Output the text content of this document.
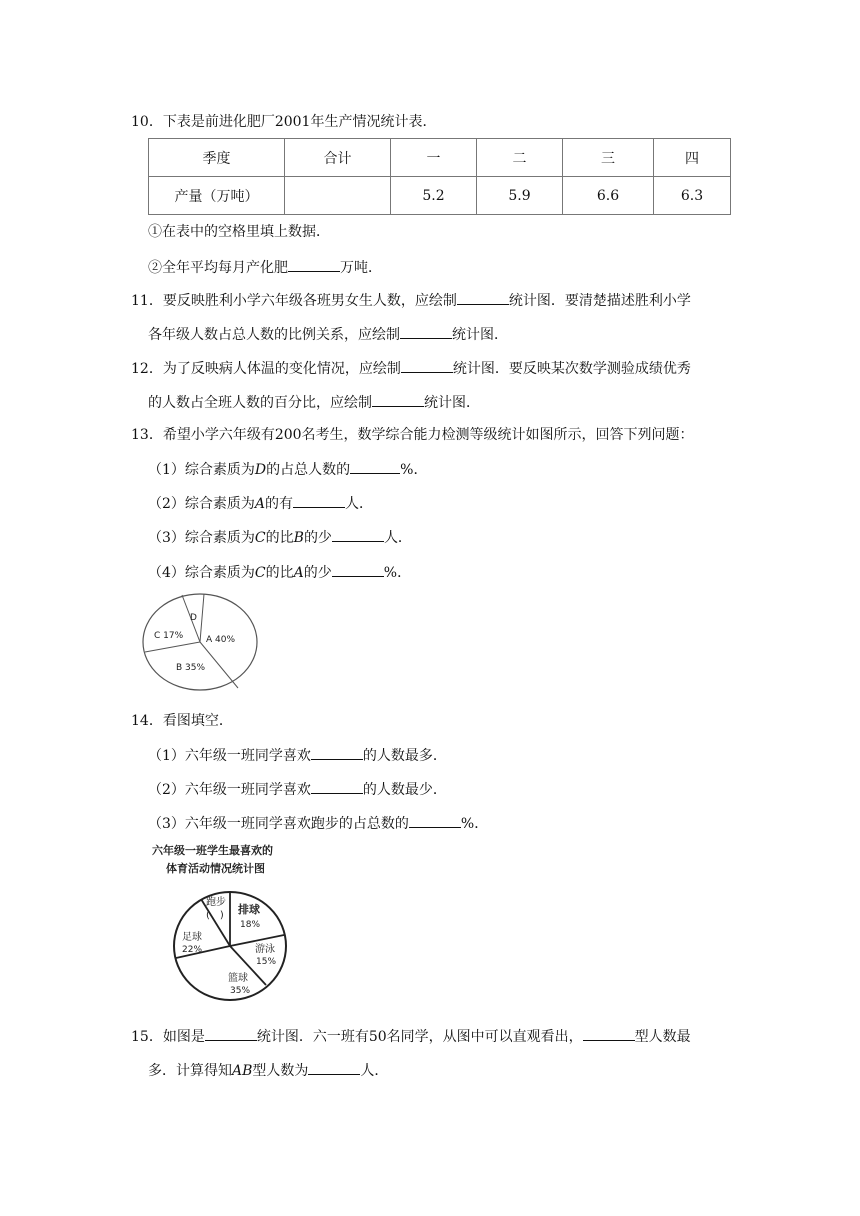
10．下表是前进化肥厂2001年生产情况统计表．
季度	合计	一	二	三	四
产量（万吨）		5.2	5.9	6.6	6.3
①在表中的空格里填上数据．
②全年平均每月产化肥	万吨．
11．要反映胜利小学六年级各班男女生人数，应绘制	统计图．要清楚描述胜利小学
各年级人数占总人数的比例关系，应绘制	统计图．
12．为了反映病人体温的变化情况，应绘制	统计图．要反映某次数学测验成绩优秀
的人数占全班人数的百分比，应绘制	统计图．
13．希望小学六年级有200名考生，数学综合能力检测等级统计如图所示，回答下列问题：
（1）综合素质为D的占总人数的	%．
（2）综合素质为A的有	人．
（3）综合素质为C的比B的少	人．
（4）综合素质为C的比A的少	%．
D
C 17%	A 40%
B 35%
14．看图填空．
（1）六年级一班同学喜欢	的人数最多．
（2）六年级一班同学喜欢	的人数最少．
（3）六年级一班同学喜欢跑步的占总数的	%．
六年级一班学生最喜欢的
体育活动情况统计图
跑步
(　) 排球
18%
游泳
15%
篮球
35%
足球
22%
15．如图是	统计图．六一班有50名同学，从图中可以直观看出，	型人数最
多．计算得知AB型人数为	人．
